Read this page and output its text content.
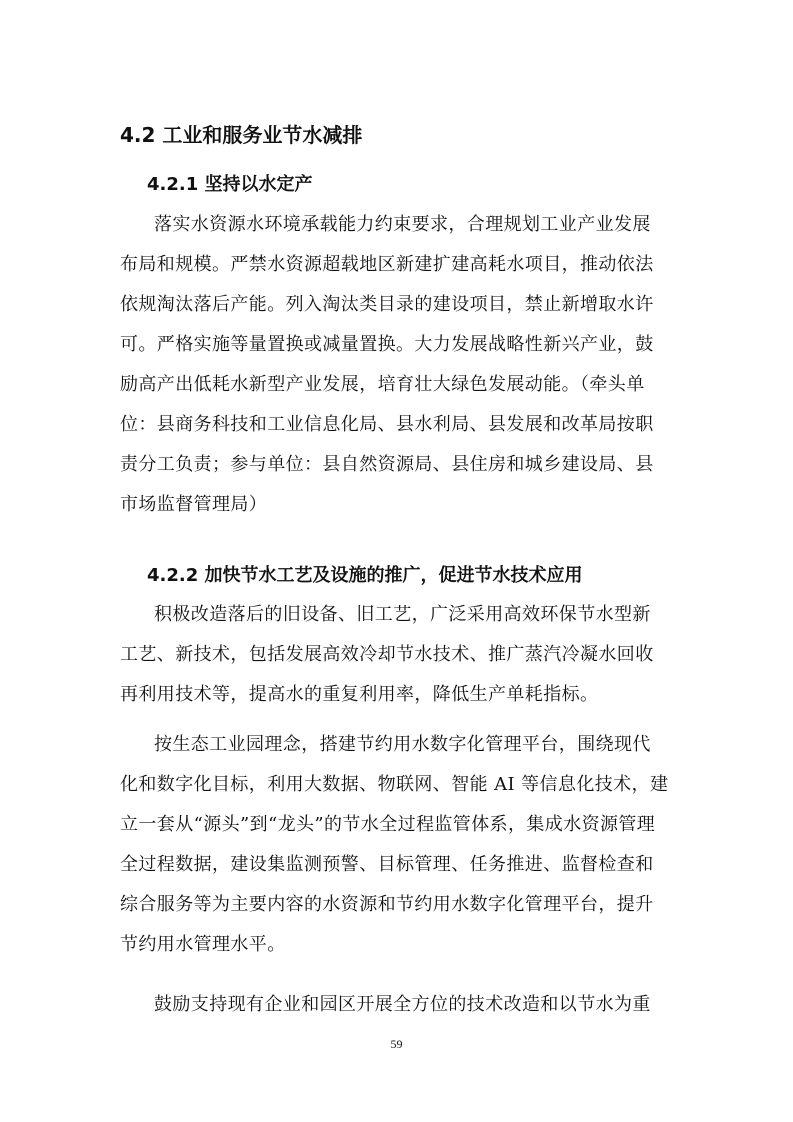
4.2 工业和服务业节水减排
4.2.1 坚持以水定产
落实水资源水环境承载能力约束要求，合理规划工业产业发展
布局和规模。严禁水资源超载地区新建扩建高耗水项目，推动依法
依规淘汰落后产能。列入淘汰类目录的建设项目，禁止新增取水许
可。严格实施等量置换或减量置换。大力发展战略性新兴产业，鼓
励高产出低耗水新型产业发展，培育壮大绿色发展动能。（牵头单
位：县商务科技和工业信息化局、县水利局、县发展和改革局按职
责分工负责；参与单位：县自然资源局、县住房和城乡建设局、县
市场监督管理局）
4.2.2 加快节水工艺及设施的推广，促进节水技术应用
积极改造落后的旧设备、旧工艺，广泛采用高效环保节水型新
工艺、新技术，包括发展高效冷却节水技术、推广蒸汽冷凝水回收
再利用技术等，提高水的重复利用率，降低生产单耗指标。
按生态工业园理念，搭建节约用水数字化管理平台，围绕现代
化和数字化目标，利用大数据、物联网、智能 AI 等信息化技术，建
立一套从“源头”到“龙头”的节水全过程监管体系，集成水资源管理
全过程数据，建设集监测预警、目标管理、任务推进、监督检查和
综合服务等为主要内容的水资源和节约用水数字化管理平台，提升
节约用水管理水平。
鼓励支持现有企业和园区开展全方位的技术改造和以节水为重
59
